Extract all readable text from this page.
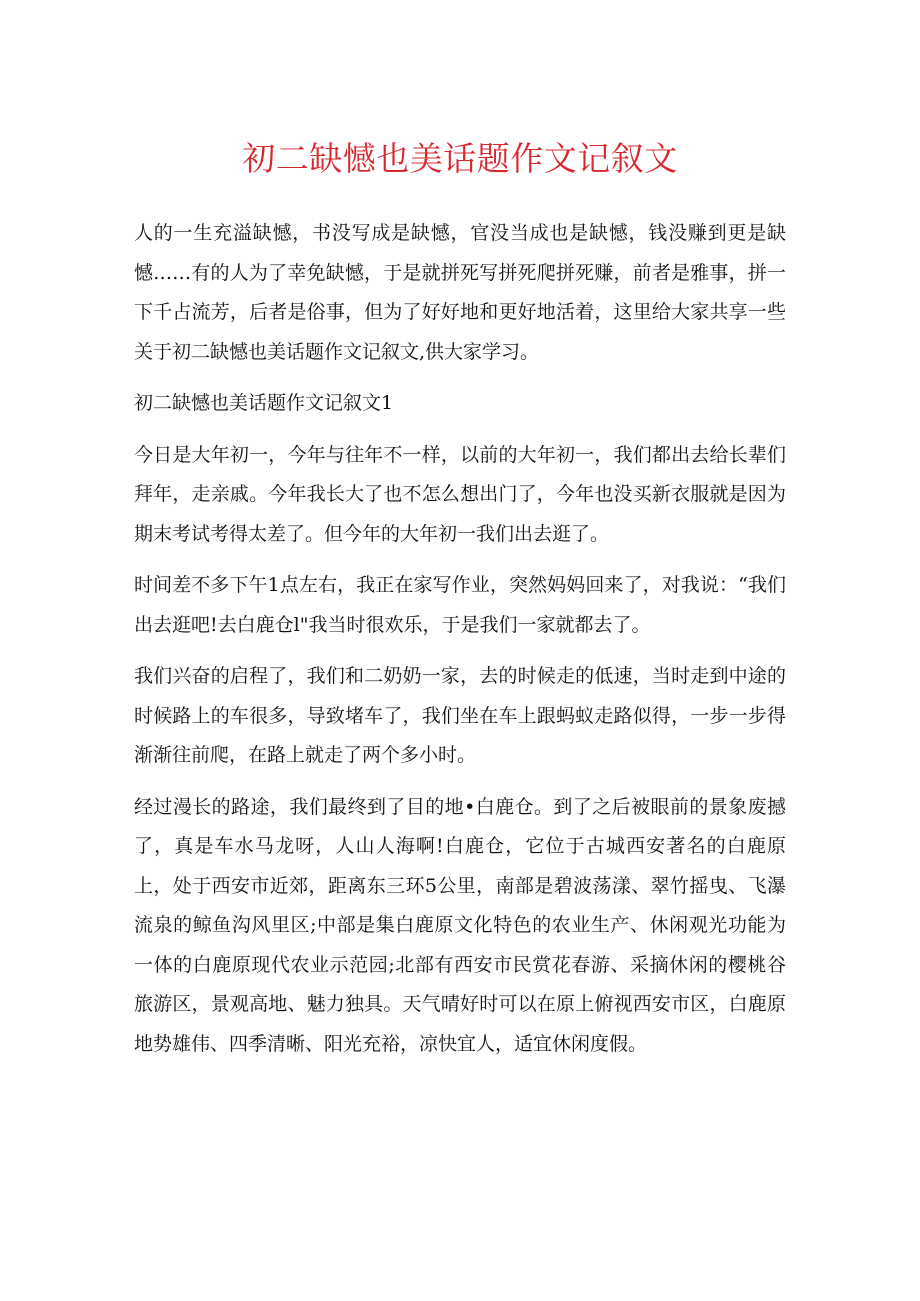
初二缺憾也美话题作文记叙文

人的一生充溢缺憾，书没写成是缺憾，官没当成也是缺憾，钱没赚到更是缺憾……有的人为了幸免缺憾，于是就拼死写拼死爬拼死赚，前者是雅事，拼一下千占流芳，后者是俗事，但为了好好地和更好地活着，这里给大家共享一些关于初二缺憾也美话题作文记叙文,供大家学习。

初二缺憾也美话题作文记叙文1

今日是大年初一，今年与往年不一样，以前的大年初一，我们都出去给长辈们拜年，走亲戚。今年我长大了也不怎么想出门了，今年也没买新衣服就是因为期末考试考得太差了。但今年的大年初一我们出去逛了。

时间差不多下午1点左右，我正在家写作业，突然妈妈回来了，对我说：“我们出去逛吧!去白鹿仓l"我当时很欢乐，于是我们一家就都去了。

我们兴奋的启程了，我们和二奶奶一家，去的时候走的低速，当时走到中途的时候路上的车很多，导致堵车了，我们坐在车上跟蚂蚁走路似得，一步一步得渐渐往前爬，在路上就走了两个多小时。

经过漫长的路途，我们最终到了目的地•白鹿仓。到了之后被眼前的景象废撼了，真是车水马龙呀，人山人海啊!白鹿仓，它位于古城西安著名的白鹿原上，处于西安市近郊，距离东三环5公里，南部是碧波荡漾、翠竹摇曳、飞瀑流泉的鲸鱼沟风里区;中部是集白鹿原文化特色的农业生产、休闲观光功能为一体的白鹿原现代农业示范园;北部有西安市民赏花春游、采摘休闲的樱桃谷旅游区，景观高地、魅力独具。天气晴好时可以在原上俯视西安市区，白鹿原地势雄伟、四季清晰、阳光充裕，凉快宜人，适宜休闲度假。
